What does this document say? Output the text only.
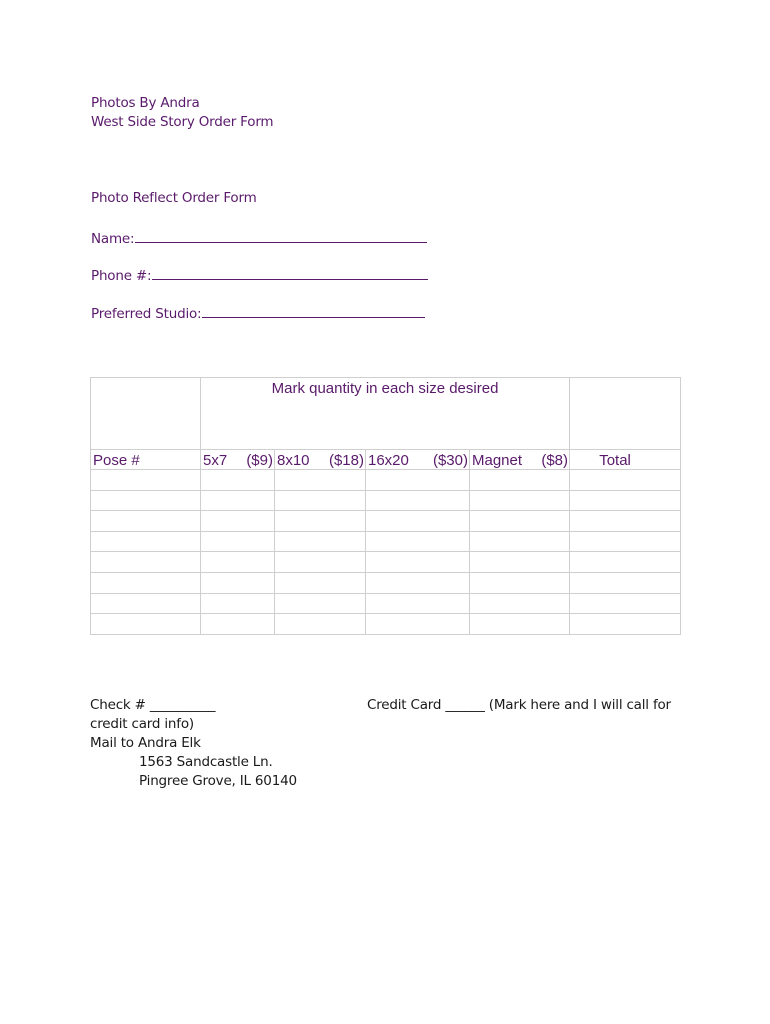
Photos By Andra
West Side Story Order Form
Photo Reflect Order Form
Name:
Phone #:
Preferred Studio:

	Mark quantity in each size desired				

Pose #	5x7 ($9)	8x10 ($18)	16x20 ($30)	Magnet ($8)	Total

Check # __________	Credit Card ______ (Mark here and I will call for
credit card info)
Mail to Andra Elk
1563 Sandcastle Ln.
Pingree Grove, IL 60140
